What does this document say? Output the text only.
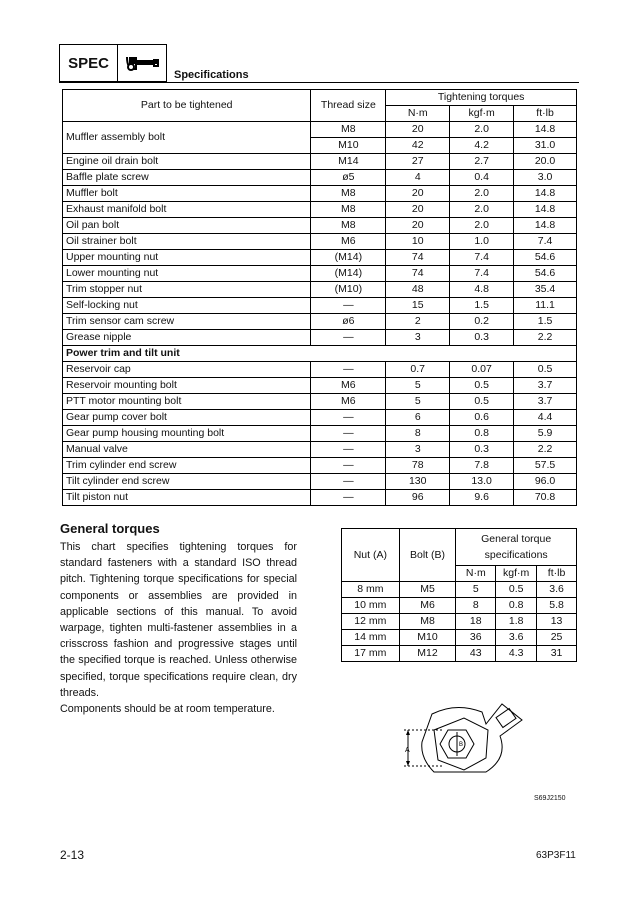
SPEC
Specifications
Part to be tightened	Thread size	Tightening torques		
		N·m	kgf·m	ft·lb
Muffler assembly bolt	M8	20	2.0	14.8
	M10	42	4.2	31.0
Engine oil drain bolt	M14	27	2.7	20.0
Baffle plate screw	ø5	4	0.4	3.0
Muffler bolt	M8	20	2.0	14.8
Exhaust manifold bolt	M8	20	2.0	14.8
Oil pan bolt	M8	20	2.0	14.8
Oil strainer bolt	M6	10	1.0	7.4
Upper mounting nut	(M14)	74	7.4	54.6
Lower mounting nut	(M14)	74	7.4	54.6
Trim stopper nut	(M10)	48	4.8	35.4
Self-locking nut	—	15	1.5	11.1
Trim sensor cam screw	ø6	2	0.2	1.5
Grease nipple	—	3	0.3	2.2
Power trim and tilt unit				
Reservoir cap	—	0.7	0.07	0.5
Reservoir mounting bolt	M6	5	0.5	3.7
PTT motor mounting bolt	M6	5	0.5	3.7
Gear pump cover bolt	—	6	0.6	4.4
Gear pump housing mounting bolt	—	8	0.8	5.9
Manual valve	—	3	0.3	2.2
Trim cylinder end screw	—	78	7.8	57.5
Tilt cylinder end screw	—	130	13.0	96.0
Tilt piston nut	—	96	9.6	70.8
General torques

This chart specifies tightening torques for standard fasteners with a standard ISO thread pitch. Tightening torque specifications for special components or assemblies are provided in applicable sections of this manual. To avoid warpage, tighten multi-fastener assemblies in a crisscross fashion and progressive stages until the specified torque is reached. Unless otherwise specified, torque specifications require clean, dry threads.

Components should be at room temperature.

Nut (A)	Bolt (B)	General torque specifications		
		N·m	kgf·m	ft·lb
8 mm	M5	5	0.5	3.6
10 mm	M6	8	0.8	5.8
12 mm	M8	18	1.8	13
14 mm	M10	36	3.6	25
17 mm	M12	43	4.3	31
A
B
S69J2150
2-13	63P3F11
